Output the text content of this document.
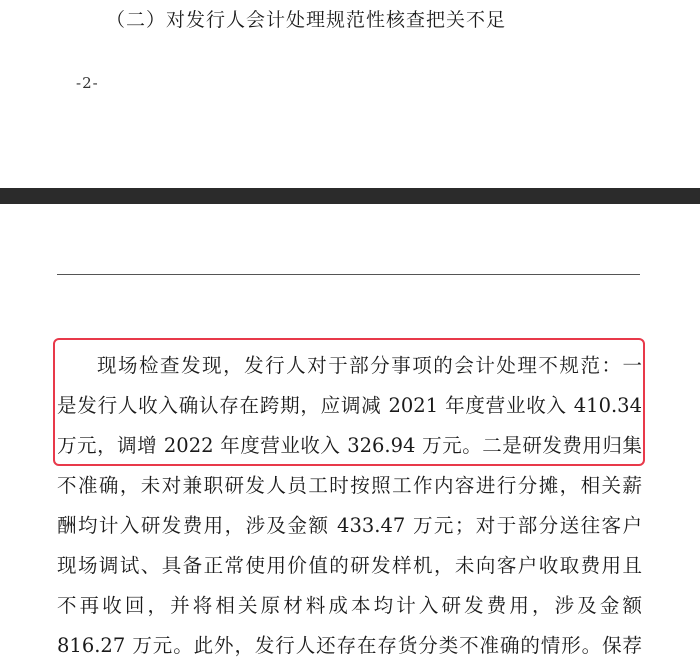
（二）对发行人会计处理规范性核查把关不足
-2-
现场检查发现，发行人对于部分事项的会计处理不规范：一
是发行人收入确认存在跨期，应调减 2021 年度营业收入 410.34
万元，调增 2022 年度营业收入 326.94 万元。二是研发费用归集
不准确，未对兼职研发人员工时按照工作内容进行分摊，相关薪
酬均计入研发费用，涉及金额 433.47 万元；对于部分送往客户
现场调试、具备正常使用价值的研发样机，未向客户收取费用且
不再收回，并将相关原材料成本均计入研发费用，涉及金额
816.27 万元。此外，发行人还存在存货分类不准确的情形。保荐
